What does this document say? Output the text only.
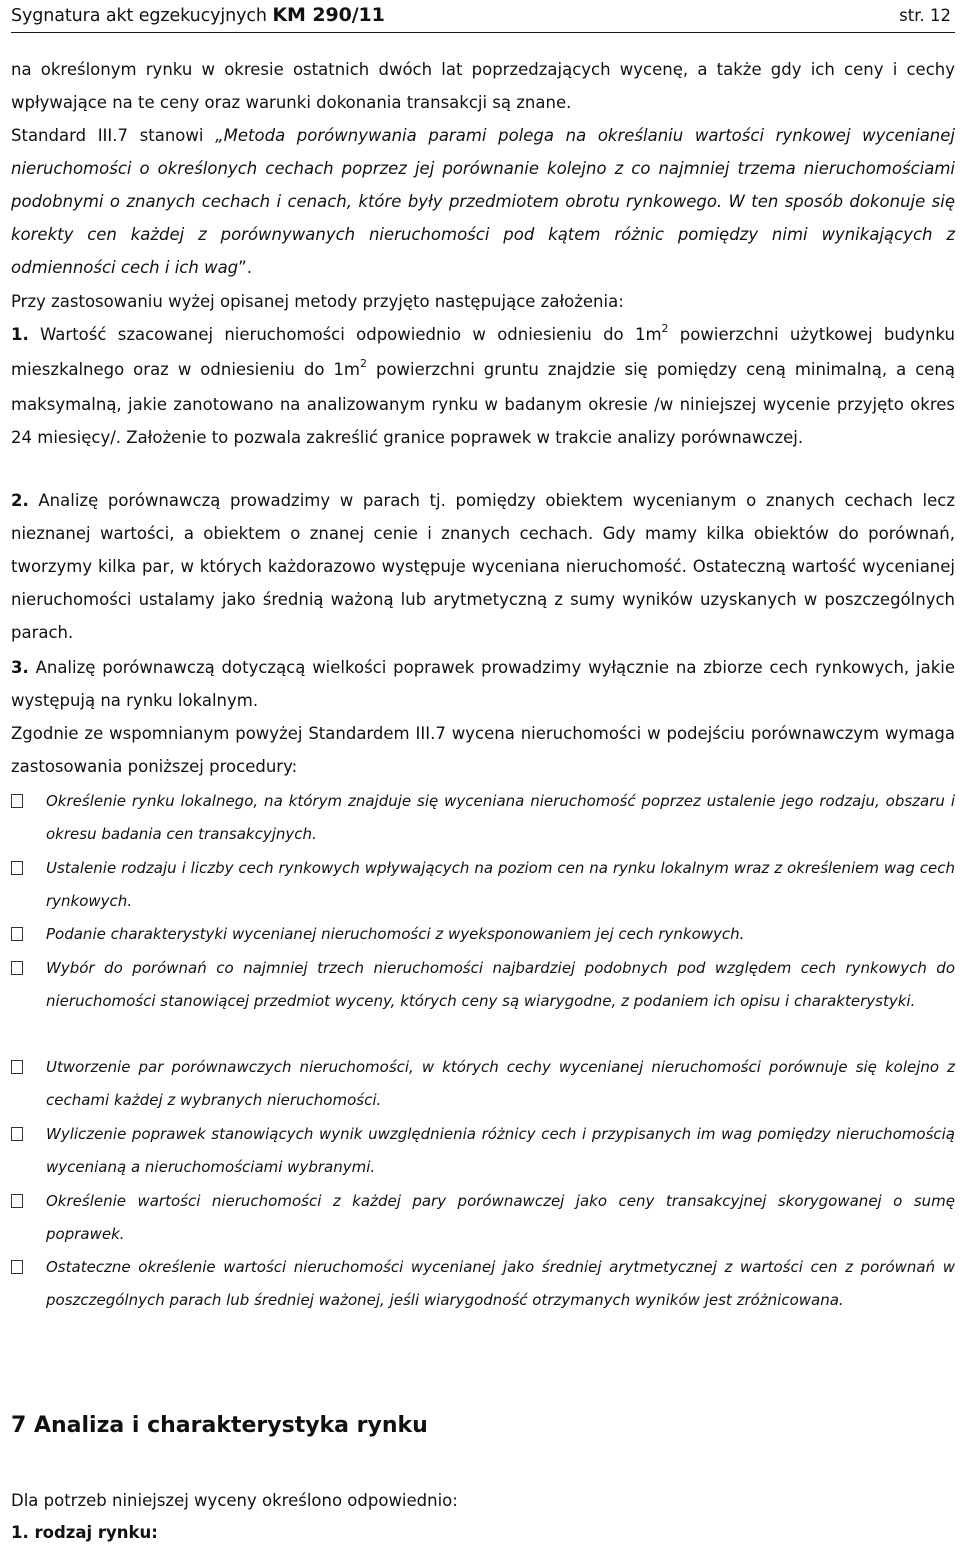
Sygnatura akt egzekucyjnych KM 290/11	str. 12
na określonym rynku w okresie ostatnich dwóch lat poprzedzających wycenę, a także gdy ich ceny i cechy wpływające na te ceny oraz warunki dokonania transakcji są znane.
Standard III.7 stanowi „Metoda porównywania parami polega na określaniu wartości rynkowej wycenianej nieruchomości o określonych cechach poprzez jej porównanie kolejno z co najmniej trzema nieruchomościami podobnymi o znanych cechach i cenach, które były przedmiotem obrotu rynkowego. W ten sposób dokonuje się korekty cen każdej z porównywanych nieruchomości pod kątem różnic pomiędzy nimi wynikających z odmienności cech i ich wag”.
Przy zastosowaniu wyżej opisanej metody przyjęto następujące założenia:
1. Wartość szacowanej nieruchomości odpowiednio w odniesieniu do $1m^2$ powierzchni użytkowej budynku mieszkalnego oraz w odniesieniu do $1m^2$ powierzchni gruntu znajdzie się pomiędzy ceną minimalną, a ceną maksymalną, jakie zanotowano na analizowanym rynku w badanym okresie /w niniejszej wycenie przyjęto okres 24 miesięcy/. Założenie to pozwala zakreślić granice poprawek w trakcie analizy porównawczej.
2. Analizę porównawczą prowadzimy w parach tj. pomiędzy obiektem wycenianym o znanych cechach lecz nieznanej wartości, a obiektem o znanej cenie i znanych cechach. Gdy mamy kilka obiektów do porównań, tworzymy kilka par, w których każdorazowo występuje wyceniana nieruchomość. Ostateczną wartość wycenianej nieruchomości ustalamy jako średnią ważoną lub arytmetyczną z sumy wyników uzyskanych w poszczególnych parach.
3. Analizę porównawczą dotyczącą wielkości poprawek prowadzimy wyłącznie na zbiorze cech rynkowych, jakie występują na rynku lokalnym.
Zgodnie ze wspomnianym powyżej Standardem III.7 wycena nieruchomości w podejściu porównawczym wymaga zastosowania poniższej procedury:
Określenie rynku lokalnego, na którym znajduje się wyceniana nieruchomość poprzez ustalenie jego rodzaju, obszaru i okresu badania cen transakcyjnych.
Ustalenie rodzaju i liczby cech rynkowych wpływających na poziom cen na rynku lokalnym wraz z określeniem wag cech rynkowych.
Podanie charakterystyki wycenianej nieruchomości z wyeksponowaniem jej cech rynkowych.
Wybór do porównań co najmniej trzech nieruchomości najbardziej podobnych pod względem cech rynkowych do nieruchomości stanowiącej przedmiot wyceny, których ceny są wiarygodne, z podaniem ich opisu i charakterystyki.
Utworzenie par porównawczych nieruchomości, w których cechy wycenianej nieruchomości porównuje się kolejno z cechami każdej z wybranych nieruchomości.
Wyliczenie poprawek stanowiących wynik uwzględnienia różnicy cech i przypisanych im wag pomiędzy nieruchomością wycenianą a nieruchomościami wybranymi.
Określenie wartości nieruchomości z każdej pary porównawczej jako ceny transakcyjnej skorygowanej o sumę poprawek.
Ostateczne określenie wartości nieruchomości wycenianej jako średniej arytmetycznej z wartości cen z porównań w poszczególnych parach lub średniej ważonej, jeśli wiarygodność otrzymanych wyników jest zróżnicowana.
7 Analiza i charakterystyka rynku
Dla potrzeb niniejszej wyceny określono odpowiednio:
1. rodzaj rynku:
